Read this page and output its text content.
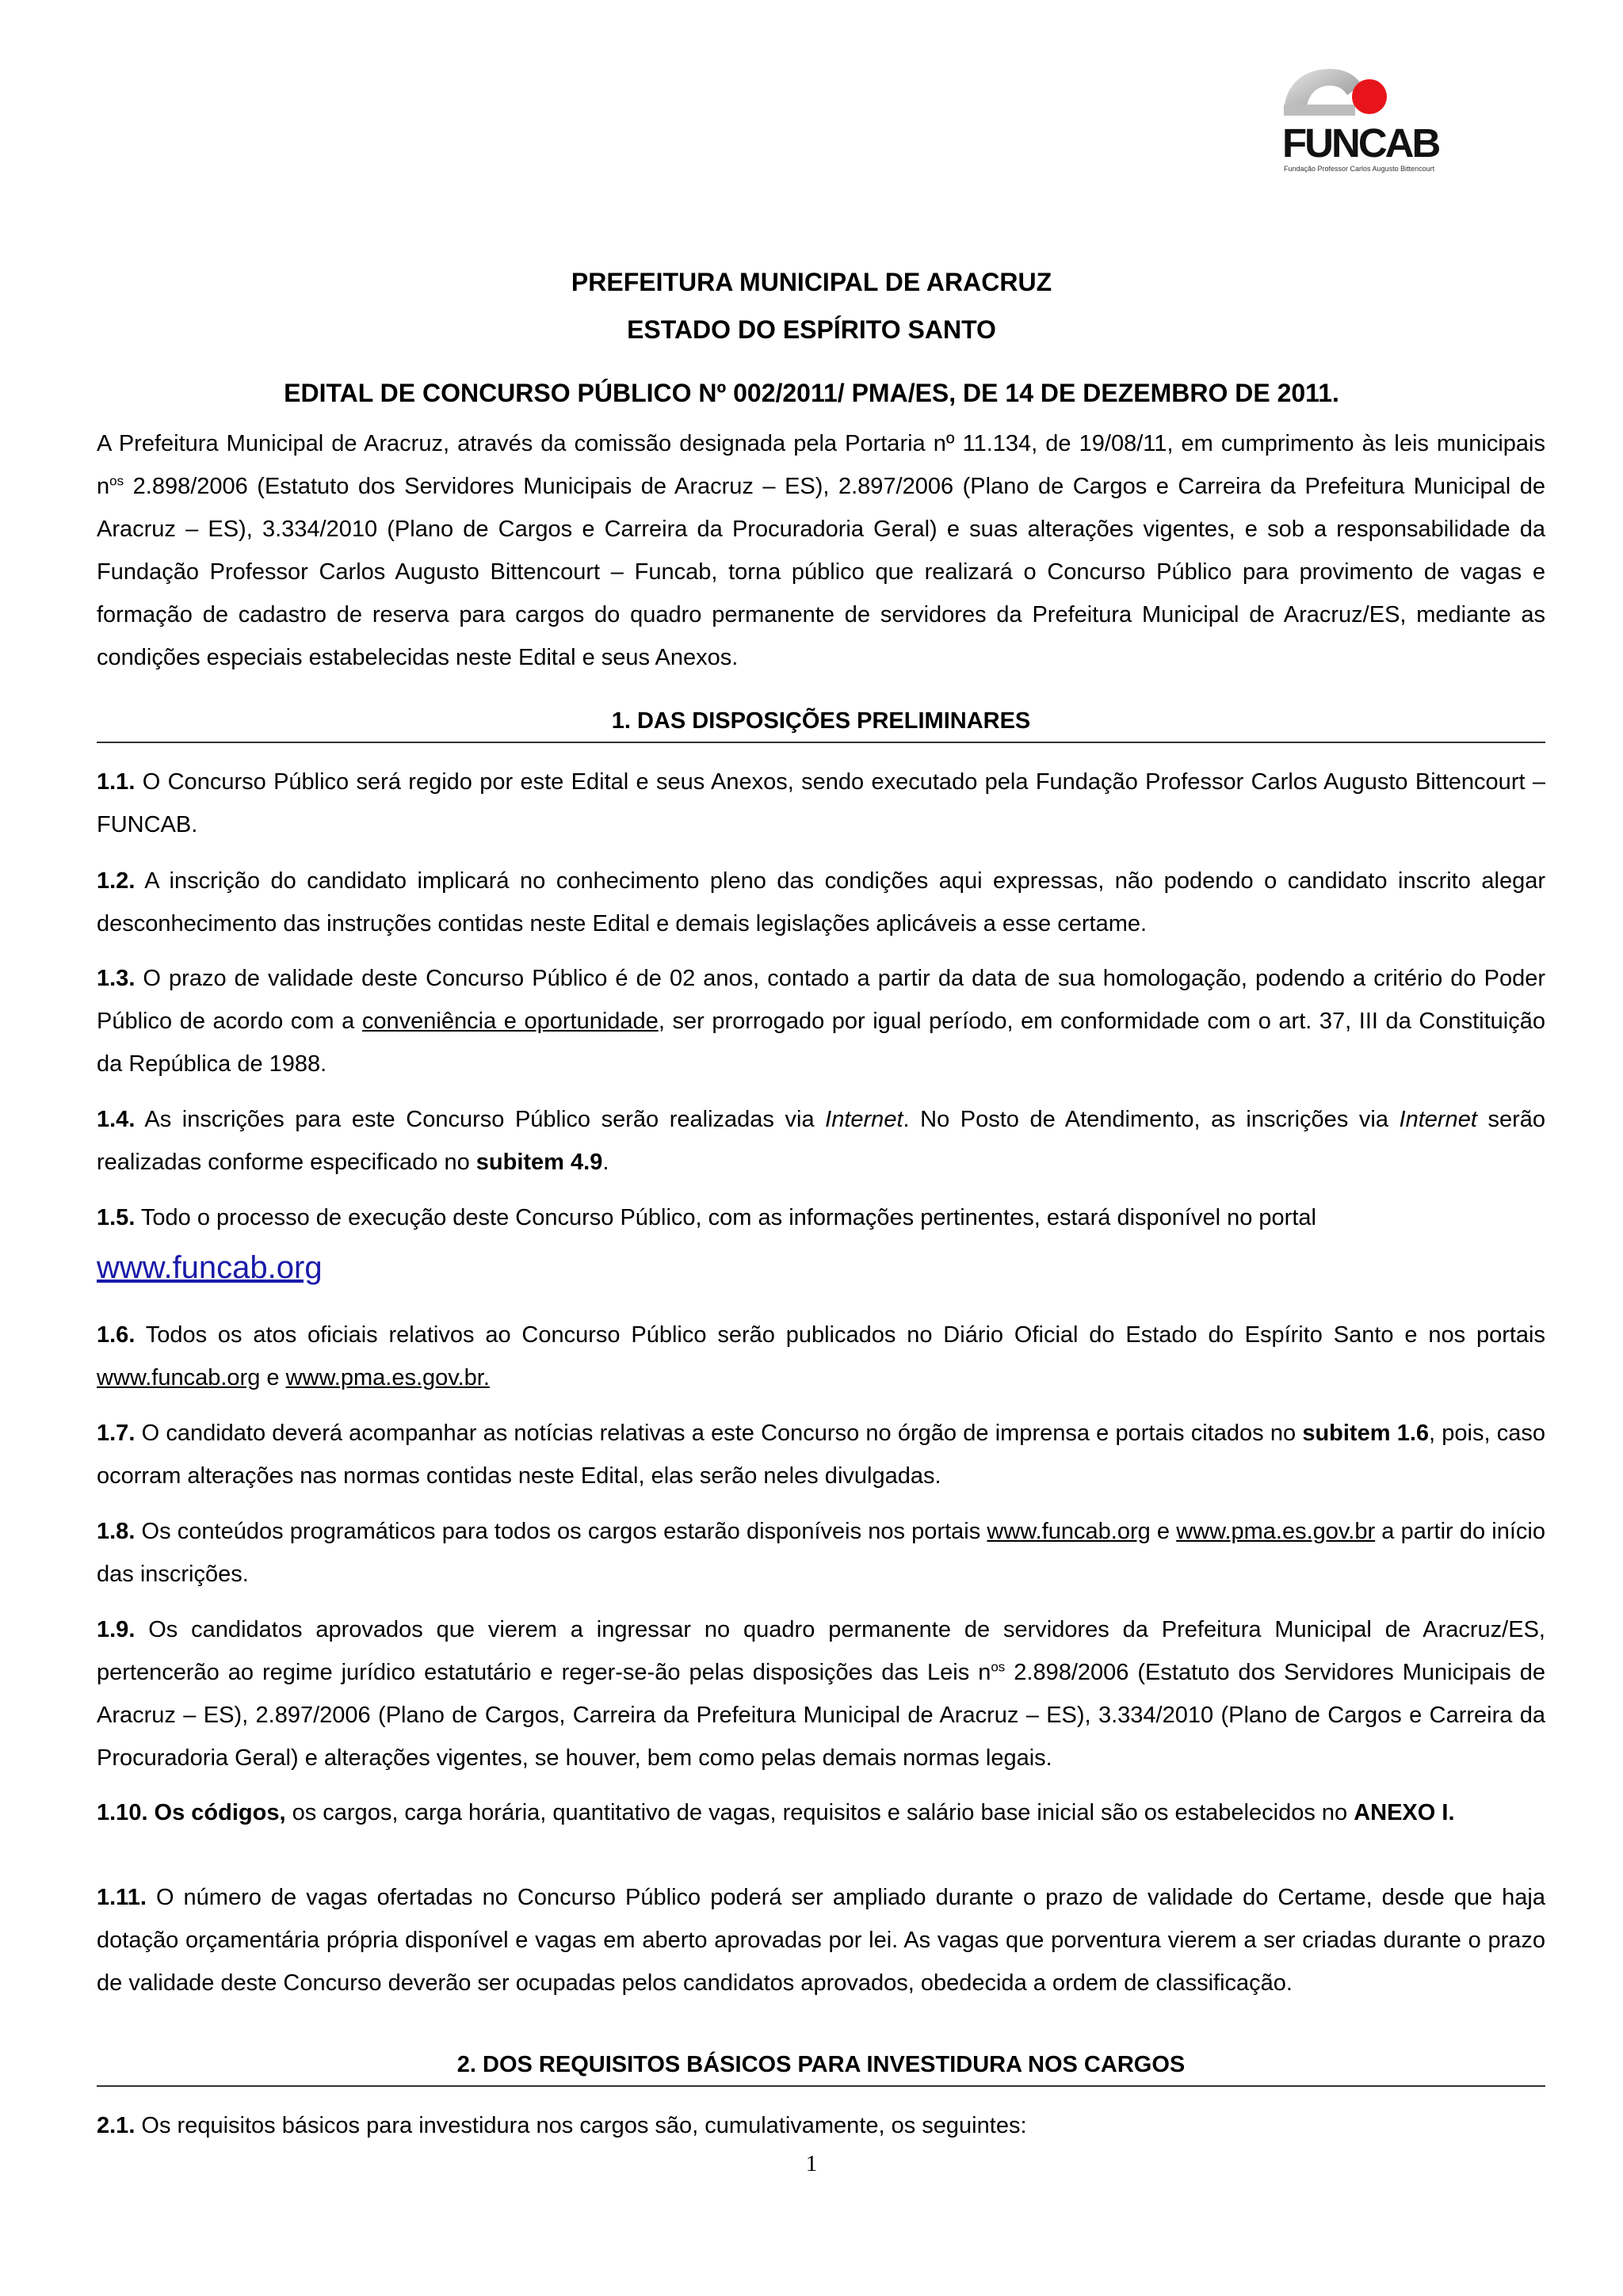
FUNCAB
Fundação Professor Carlos Augusto Bittencourt
PREFEITURA MUNICIPAL DE ARACRUZ
ESTADO DO ESPÍRITO SANTO
EDITAL DE CONCURSO PÚBLICO Nº 002/2011/ PMA/ES, DE 14 DE DEZEMBRO DE 2011.
A Prefeitura Municipal de Aracruz, através da comissão designada pela Portaria nº 11.134, de 19/08/11, em cumprimento às leis municipais $n^{os}$ 2.898/2006 (Estatuto dos Servidores Municipais de Aracruz – ES), 2.897/2006 (Plano de Cargos e Carreira da Prefeitura Municipal de Aracruz – ES), 3.334/2010 (Plano de Cargos e Carreira da Procuradoria Geral) e suas alterações vigentes, e sob a responsabilidade da Fundação Professor Carlos Augusto Bittencourt – Funcab, torna público que realizará o Concurso Público para provimento de vagas e formação de cadastro de reserva para cargos do quadro permanente de servidores da Prefeitura Municipal de Aracruz/ES, mediante as condições especiais estabelecidas neste Edital e seus Anexos.
1. DAS DISPOSIÇÕES PRELIMINARES
1.1. O Concurso Público será regido por este Edital e seus Anexos, sendo executado pela Fundação Professor Carlos Augusto Bittencourt – FUNCAB.
1.2. A inscrição do candidato implicará no conhecimento pleno das condições aqui expressas, não podendo o candidato inscrito alegar desconhecimento das instruções contidas neste Edital e demais legislações aplicáveis a esse certame.
1.3. O prazo de validade deste Concurso Público é de 02 anos, contado a partir da data de sua homologação, podendo a critério do Poder Público de acordo com a conveniência e oportunidade, ser prorrogado por igual período, em conformidade com o art. 37, III da Constituição da República de 1988.
1.4. As inscrições para este Concurso Público serão realizadas via Internet. No Posto de Atendimento, as inscrições via Internet serão realizadas conforme especificado no subitem 4.9.
1.5. Todo o processo de execução deste Concurso Público, com as informações pertinentes, estará disponível no portal
www.funcab.org
1.6. Todos os atos oficiais relativos ao Concurso Público serão publicados no Diário Oficial do Estado do Espírito Santo e nos portais www.funcab.org e www.pma.es.gov.br.
1.7. O candidato deverá acompanhar as notícias relativas a este Concurso no órgão de imprensa e portais citados no subitem 1.6, pois, caso ocorram alterações nas normas contidas neste Edital, elas serão neles divulgadas.
1.8. Os conteúdos programáticos para todos os cargos estarão disponíveis nos portais www.funcab.org e www.pma.es.gov.br a partir do início das inscrições.
1.9. Os candidatos aprovados que vierem a ingressar no quadro permanente de servidores da Prefeitura Municipal de Aracruz/ES, pertencerão ao regime jurídico estatutário e reger-se-ão pelas disposições das Leis $n^{os}$ 2.898/2006 (Estatuto dos Servidores Municipais de Aracruz – ES), 2.897/2006 (Plano de Cargos, Carreira da Prefeitura Municipal de Aracruz – ES), 3.334/2010 (Plano de Cargos e Carreira da Procuradoria Geral) e alterações vigentes, se houver, bem como pelas demais normas legais.
1.10. Os códigos, os cargos, carga horária, quantitativo de vagas, requisitos e salário base inicial são os estabelecidos no ANEXO I.
1.11. O número de vagas ofertadas no Concurso Público poderá ser ampliado durante o prazo de validade do Certame, desde que haja dotação orçamentária própria disponível e vagas em aberto aprovadas por lei. As vagas que porventura vierem a ser criadas durante o prazo de validade deste Concurso deverão ser ocupadas pelos candidatos aprovados, obedecida a ordem de classificação.
2. DOS REQUISITOS BÁSICOS PARA INVESTIDURA NOS CARGOS
2.1. Os requisitos básicos para investidura nos cargos são, cumulativamente, os seguintes:
1
